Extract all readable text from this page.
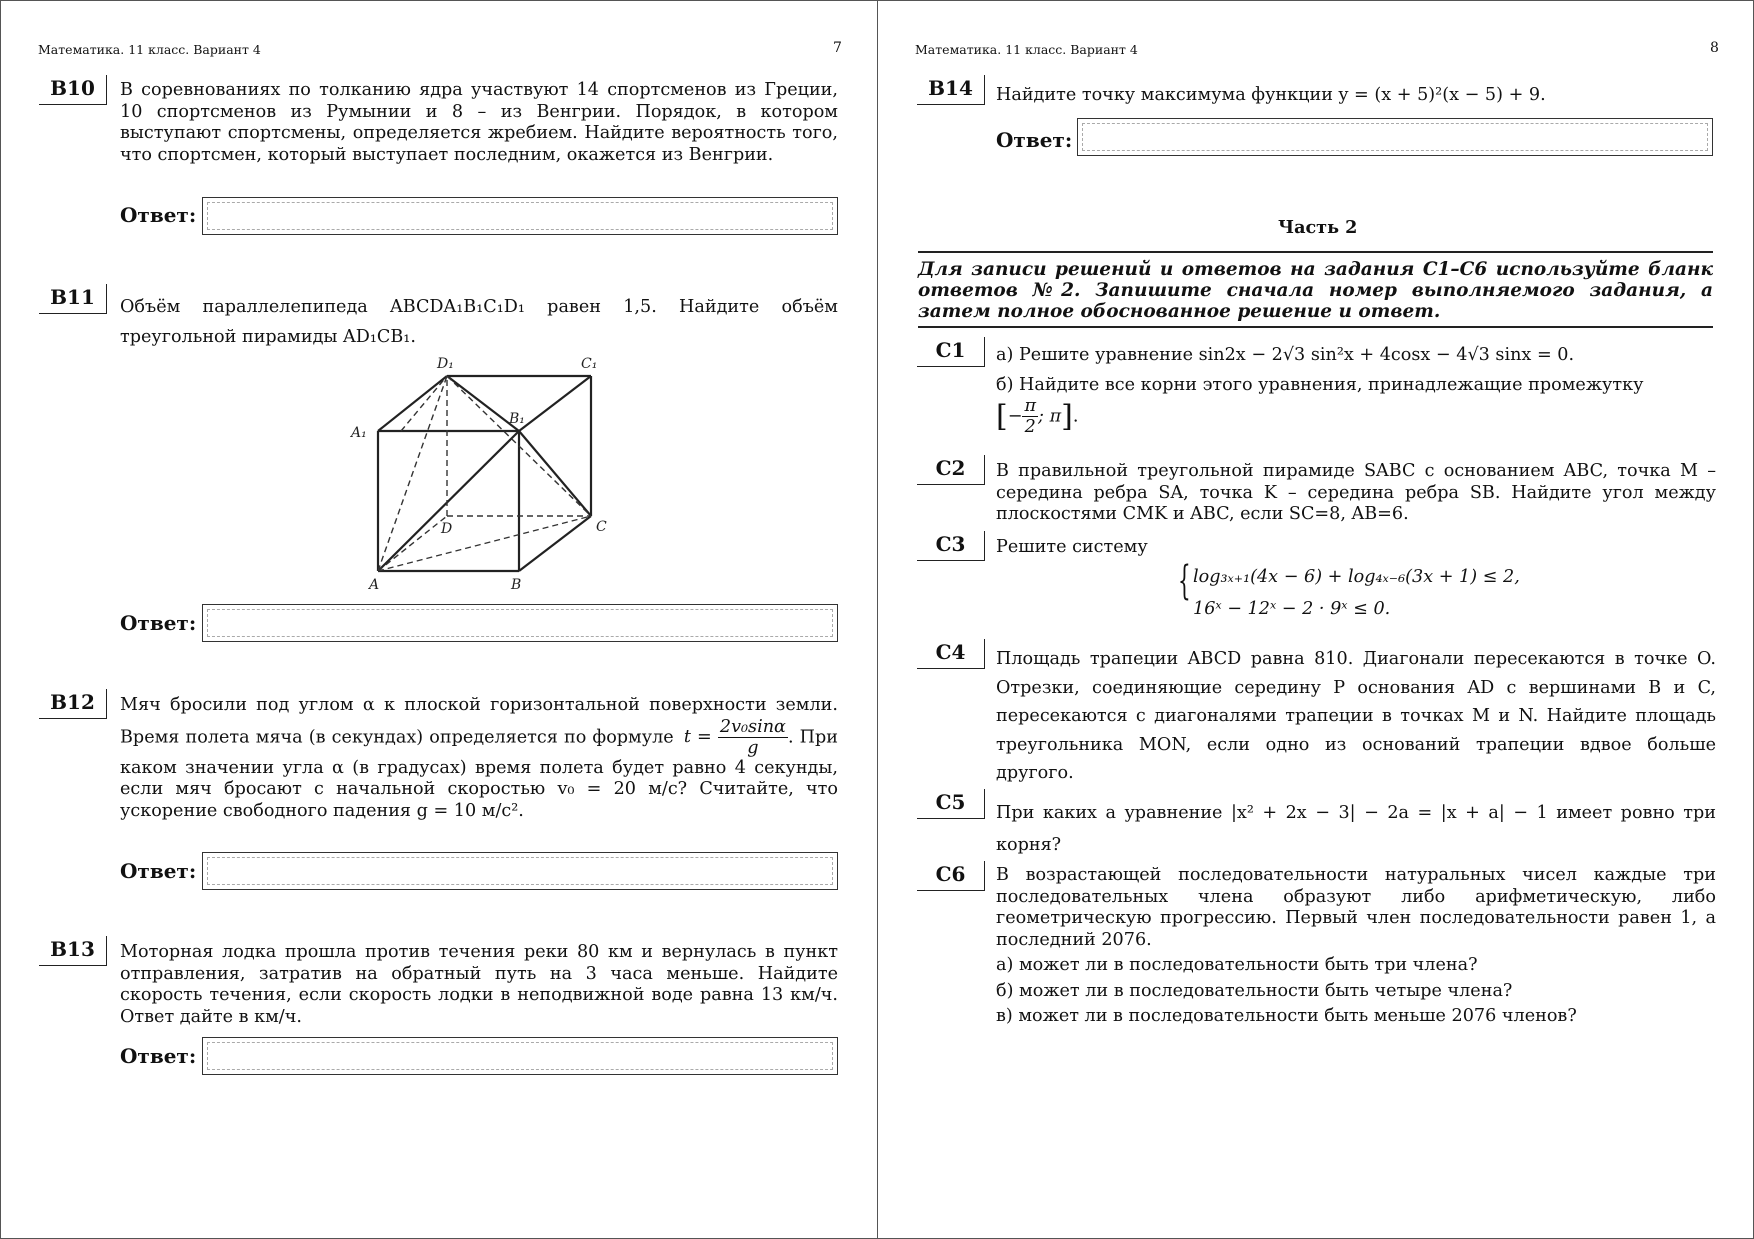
Математика. 11 класс. Вариант 4	7
B10	В соревнованиях по толканию ядра участвуют 14 спортсменов из Греции, 10 спортсменов из Румынии и 8 – из Венгрии. Порядок, в котором выступают спортсмены, определяется жребием. Найдите вероятность того, что спортсмен, который выступает последним, окажется из Венгрии.
Ответ:
B11	Объём параллелепипеда ABCDA₁B₁C₁D₁ равен 1,5. Найдите объём треугольной пирамиды AD₁CB₁.
A	B
C
D
A₁
B₁
C₁
D₁
Ответ:
B12	Мяч бросили под углом α к плоской горизонтальной поверхности земли. Время полета мяча (в секундах) определяется по формуле $t = \frac{\text{2v₀sinα}}{g}$ . При каком значении угла α (в градусах) время полета будет равно 4 секунды, если мяч бросают с начальной скоростью v₀ = 20 м/с? Считайте, что ускорение свободного падения g = 10 м/с².
Ответ:
B13	Моторная лодка прошла против течения реки 80 км и вернулась в пункт отправления, затратив на обратный путь на 3 часа меньше. Найдите скорость течения, если скорость лодки в неподвижной воде равна 13 км/ч. Ответ дайте в км/ч.
Ответ:
Математика. 11 класс. Вариант 4	8
B14	Найдите точку максимума функции y = (x + 5)²(x − 5) + 9.
Ответ:
Часть 2
Для записи решений и ответов на задания С1–С6 используйте бланк ответов №2. Запишите сначала номер выполняемого задания, а затем полное обоснованное решение и ответ.
C1	а) Решите уравнение sin2x − 2√3 sin²x + 4cosx − 4√3 sinx = 0.

б) Найдите все корни этого уравнения, принадлежащие промежутку

[− $\frac{\pi}{2}$ ; π].

C2	В правильной треугольной пирамиде SABC с основанием ABC, точка M – середина ребра SA, точка K – середина ребра SB. Найдите угол между плоскостями CMK и ABC, если SC=8, AB=6.
C3	Решите систему
{ log₃ₓ₊₁(4x − 6) + log₄ₓ₋₆(3x + 1) ≤ 2,
16ˣ − 12ˣ − 2 · 9ˣ ≤ 0.
C4	Площадь трапеции ABCD равна 810. Диагонали пересекаются в точке O. Отрезки, соединяющие середину P основания AD с вершинами B и C, пересекаются с диагоналями трапеции в точках M и N. Найдите площадь треугольника MON, если одно из оснований трапеции вдвое больше другого.
C5	При каких a уравнение |x² + 2x − 3| − 2a = |x + a| − 1 имеет ровно три корня?
C6	В возрастающей последовательности натуральных чисел каждые три последовательных члена образуют либо арифметическую, либо геометрическую прогрессию. Первый член последовательности равен 1, а последний 2076.

а) может ли в последовательности быть три члена?

б) может ли в последовательности быть четыре члена?

в) может ли в последовательности быть меньше 2076 членов?
